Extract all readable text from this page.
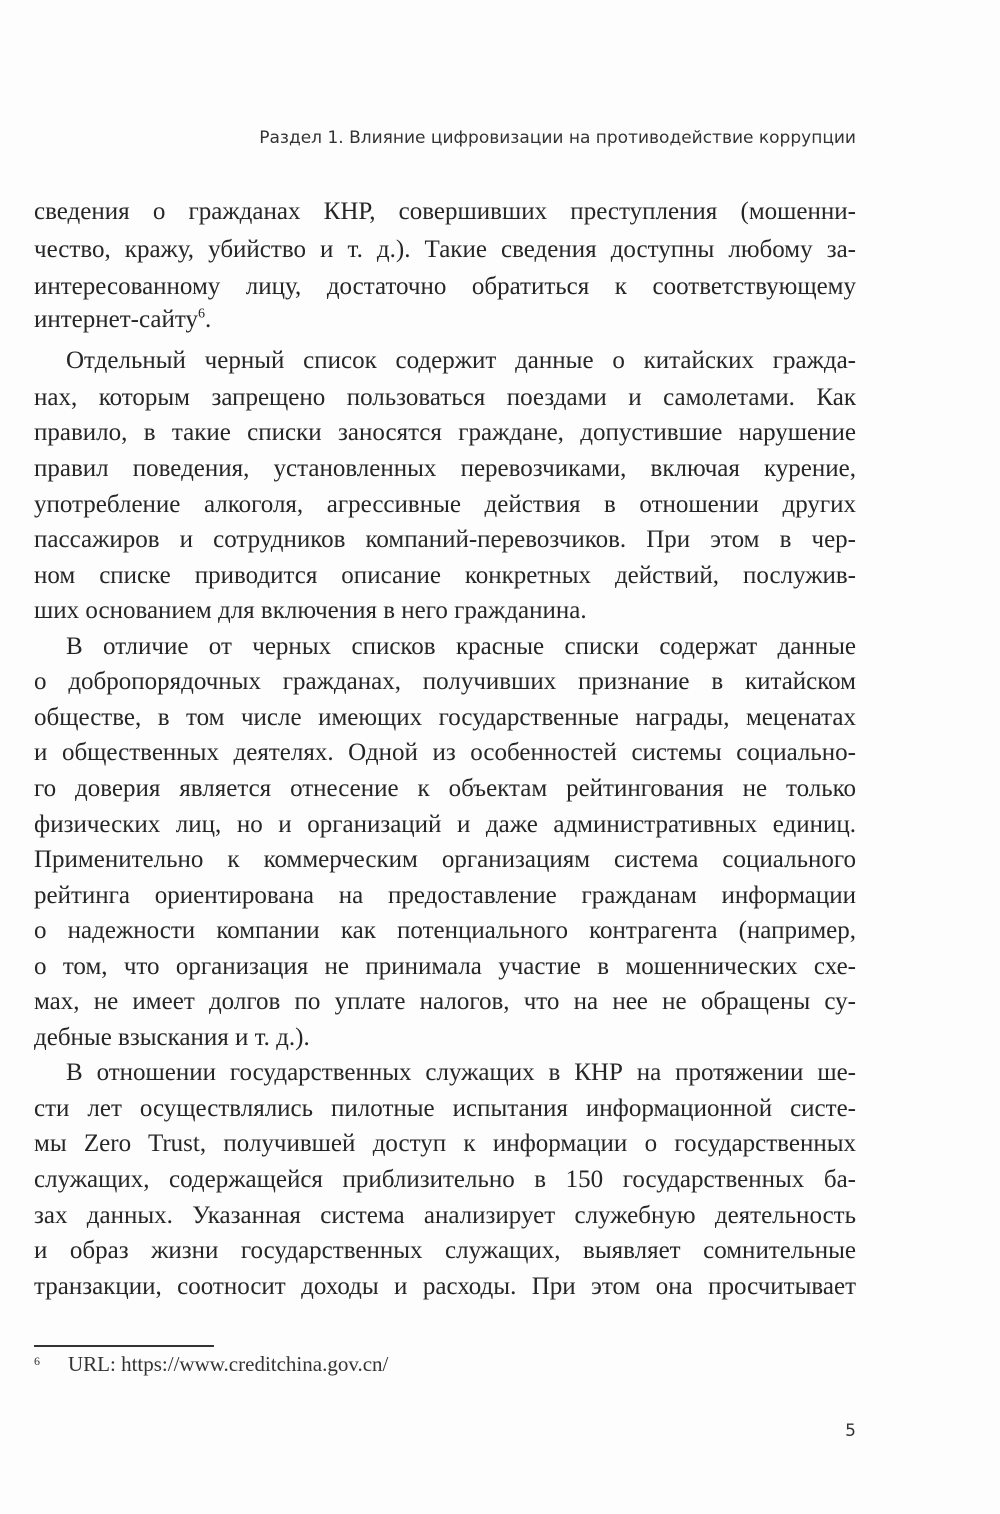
Раздел 1. Влияние цифровизации на противодействие коррупции
сведения о гражданах КНР, совершивших преступления (мошенни-
чество, кражу, убийство и т. д.). Такие сведения доступны любому за-
интересованному лицу, достаточно обратиться к соответствующему
интернет-сайту$^6$.
Отдельный черный список содержит данные о китайских гражда-
нах, которым запрещено пользоваться поездами и самолетами. Как
правило, в такие списки заносятся граждане, допустившие нарушение
правил поведения, установленных перевозчиками, включая курение,
употребление алкоголя, агрессивные действия в отношении других
пассажиров и сотрудников компаний-перевозчиков. При этом в чер-
ном списке приводится описание конкретных действий, послужив-
ших основанием для включения в него гражданина.
В отличие от черных списков красные списки содержат данные
о добропорядочных гражданах, получивших признание в китайском
обществе, в том числе имеющих государственные награды, меценатах
и общественных деятелях. Одной из особенностей системы социально-
го доверия является отнесение к объектам рейтингования не только
физических лиц, но и организаций и даже административных единиц.
Применительно к коммерческим организациям система социального
рейтинга ориентирована на предоставление гражданам информации
о надежности компании как потенциального контрагента (например,
о том, что организация не принимала участие в мошеннических схе-
мах, не имеет долгов по уплате налогов, что на нее не обращены су-
дебные взыскания и т. д.).
В отношении государственных служащих в КНР на протяжении ше-
сти лет осуществлялись пилотные испытания информационной систе-
мы Zero Trust, получившей доступ к информации о государственных
служащих, содержащейся приблизительно в 150 государственных ба-
зах данных. Указанная система анализирует служебную деятельность
и образ жизни государственных служащих, выявляет сомнительные
транзакции, соотносит доходы и расходы. При этом она просчитывает
6 URL: https://www.creditchina.gov.cn/
5
